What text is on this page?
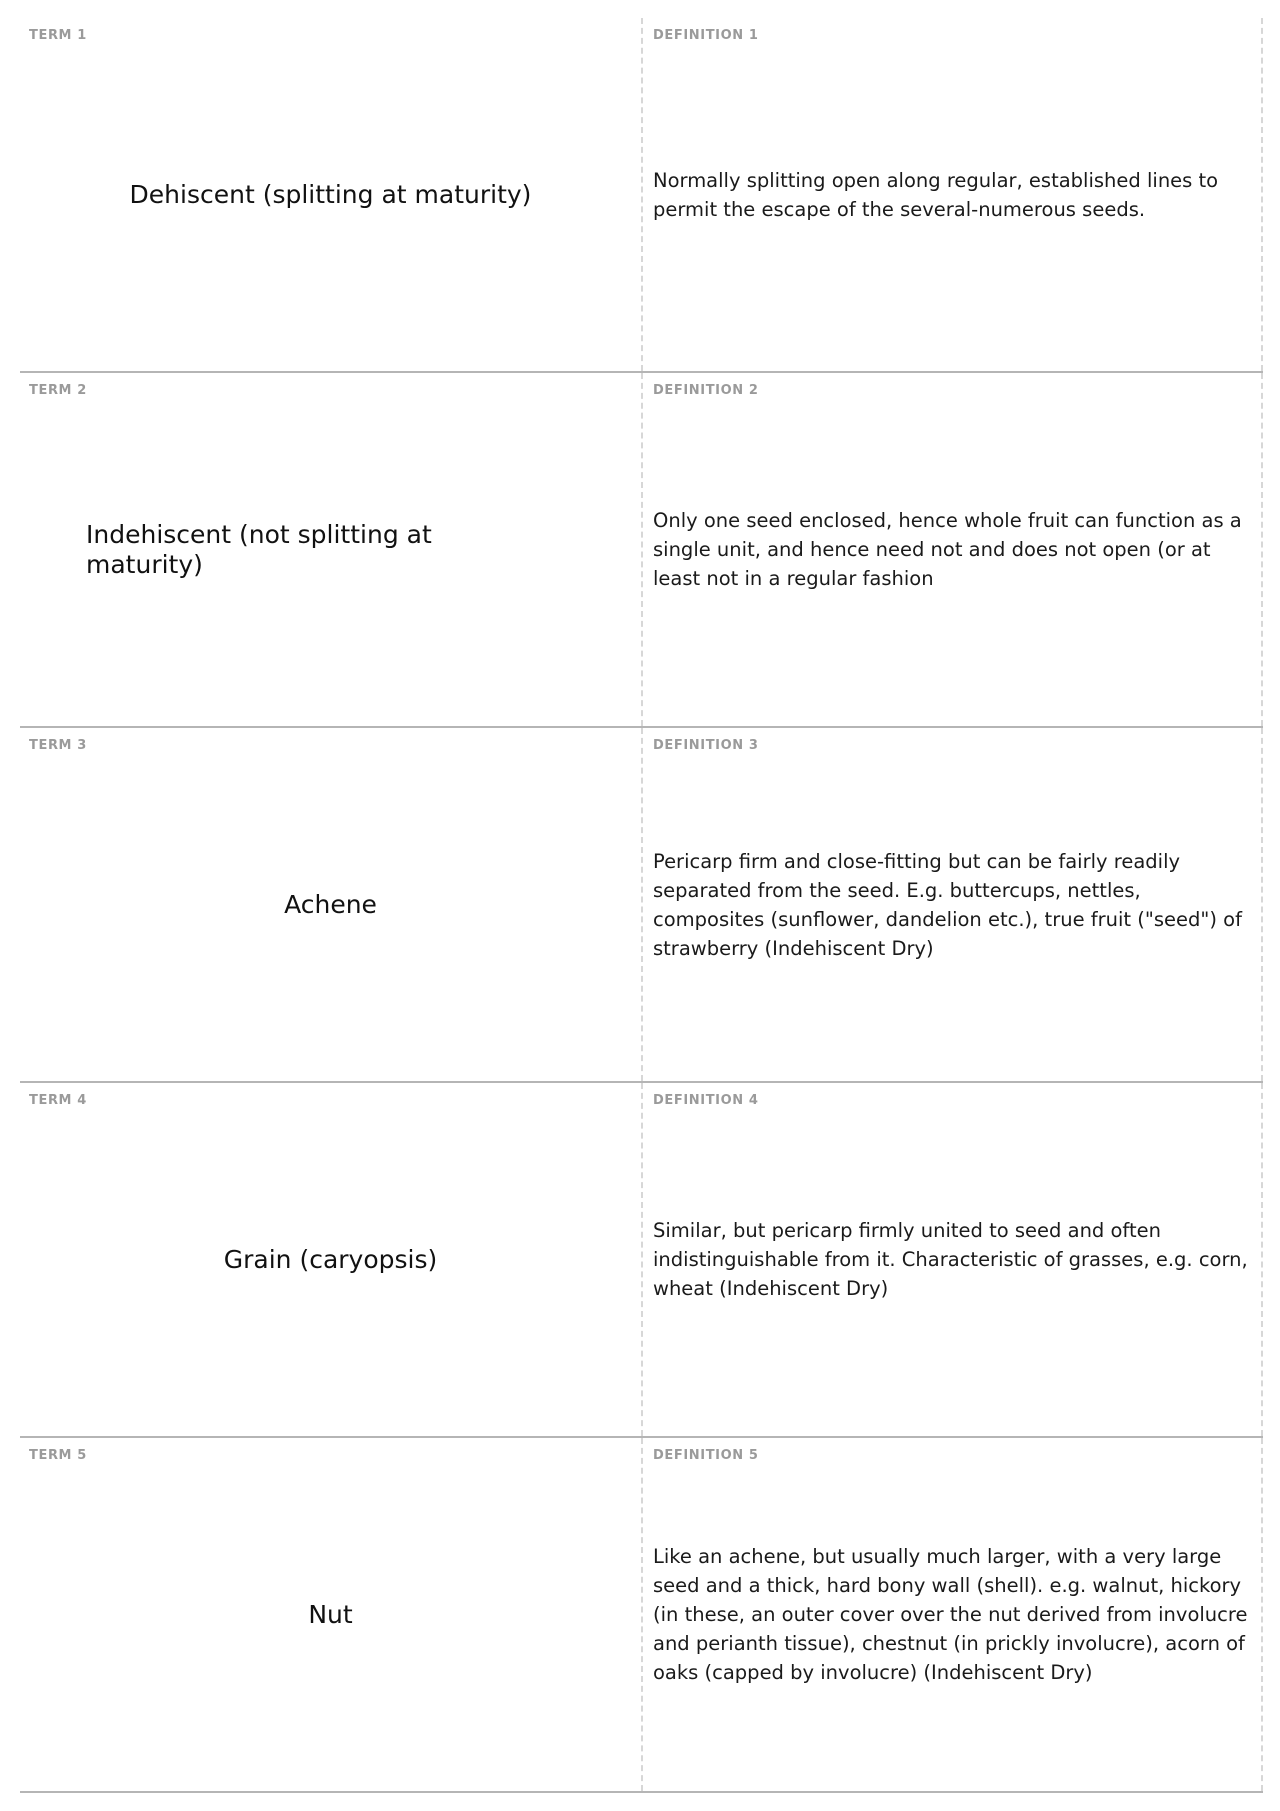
TERM 1
Dehiscent (splitting at maturity)
DEFINITION 1
Normally splitting open along regular, established lines to permit the escape of the several-numerous seeds.
TERM 2
Indehiscent (not splitting at maturity)
DEFINITION 2
Only one seed enclosed, hence whole fruit can function as a single unit, and hence need not and does not open (or at least not in a regular fashion
TERM 3
Achene
DEFINITION 3
Pericarp firm and close-fitting but can be fairly readily separated from the seed. E.g. buttercups, nettles, composites (sunflower, dandelion etc.), true fruit ("seed") of strawberry (Indehiscent Dry)
TERM 4
Grain (caryopsis)
DEFINITION 4
Similar, but pericarp firmly united to seed and often indistinguishable from it. Characteristic of grasses, e.g. corn, wheat (Indehiscent Dry)
TERM 5
Nut
DEFINITION 5
Like an achene, but usually much larger, with a very large seed and a thick, hard bony wall (shell). e.g. walnut, hickory (in these, an outer cover over the nut derived from involucre and perianth tissue), chestnut (in prickly involucre), acorn of oaks (capped by involucre) (Indehiscent Dry)
